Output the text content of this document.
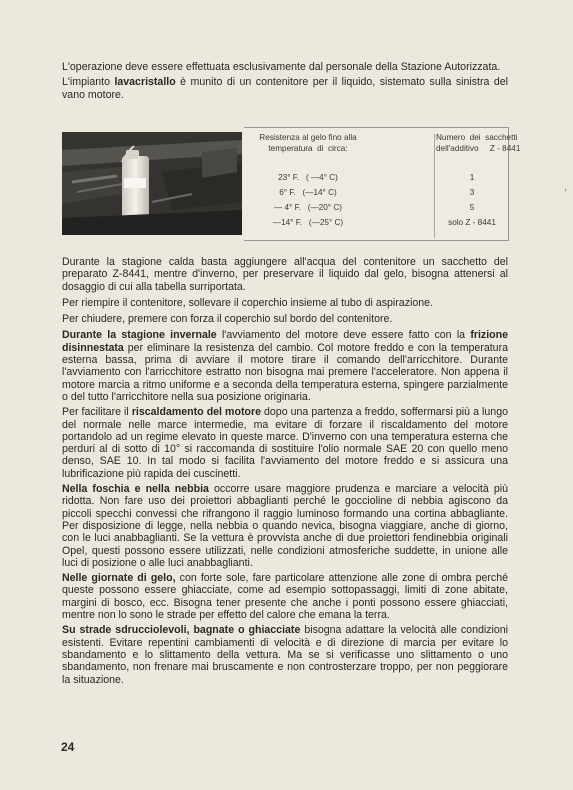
L'operazione deve essere effettuata esclusivamente dal personale della Stazione Autorizzata.

L'impianto lavacristallo è munito di un contenitore per il liquido, sistemato sulla sinistra del vano motore.

Resistenza al gelo fino alla
temperatura  di  circa:
Numero  dei  sacchetti
dell'additivo     Z - 8441
23° F.   ( —4° C)	1
6° F.   (—14° C)	3
— 4° F.   (—20° C)	5
—14° F.   (—25° C)	solo Z - 8441

Durante la stagione calda basta aggiungere all'acqua del contenitore un sacchetto del preparato Z-8441, mentre d'inverno, per preservare il liquido dal gelo, bisogna attenersi al dosaggio di cui alla tabella surriportata.

Per riempire il contenitore, sollevare il coperchio insieme al tubo di aspirazione.

Per chiudere, premere con forza il coperchio sul bordo del contenitore.

Durante la stagione invernale l'avviamento del motore deve essere fatto con la frizione disinnestata per eliminare la resistenza del cambio. Col motore freddo e con la temperatura esterna bassa, prima di avviare il motore tirare il comando dell'arricchitore. Durante l'avviamento con l'arricchitore estratto non bisogna mai premere l'acceleratore. Non appena il motore marcia a ritmo uniforme e a seconda della temperatura esterna, spingere parzialmente o del tutto l'arricchitore nella sua posizione originaria.

Per facilitare il riscaldamento del motore dopo una partenza a freddo, soffermarsi più a lungo del normale nelle marce intermedie, ma evitare di forzare il riscaldamento del motore portandolo ad un regime elevato in queste marce. D'inverno con una temperatura esterna che perduri al di sotto di 10° si raccomanda di sostituire l'olio normale SAE 20 con quello meno denso, SAE 10. In tal modo si facilita l'avviamento del motore freddo e si assicura una lubrificazione più rapida dei cuscinetti.

Nella foschia e nella nebbia occorre usare maggiore prudenza e marciare a velocità più ridotta. Non fare uso dei proiettori abbaglianti perché le goccioline di nebbia agiscono da piccoli specchi convessi che rifrangono il raggio luminoso formando una cortina abbagliante. Per disposizione di legge, nella nebbia o quando nevica, bisogna viaggiare, anche di giorno, con le luci anabbaglianti. Se la vettura è provvista anche di due proiettori fendinebbia originali Opel, questi possono essere utilizzati, nelle condizioni atmosferiche suddette, in unione alle luci di posizione o alle luci anabbaglianti.

Nelle giornate di gelo, con forte sole, fare particolare attenzione alle zone di ombra perché queste possono essere ghiacciate, come ad esempio sottopassaggi, limiti di zone abitate, margini di bosco, ecc. Bisogna tener presente che anche i ponti possono essere ghiacciati, mentre non lo sono le strade per effetto del calore che emana la terra.

Su strade sdrucciolevoli, bagnate o ghiacciate bisogna adattare la velocità alle condizioni esistenti. Evitare repentini cambiamenti di velocità e di direzione di marcia per evitare lo sbandamento e lo slittamento della vettura. Ma se si verificasse uno slittamento o uno sbandamento, non frenare mai bruscamente e non controsterzare troppo, per non peggiorare la situazione.

24
‘
